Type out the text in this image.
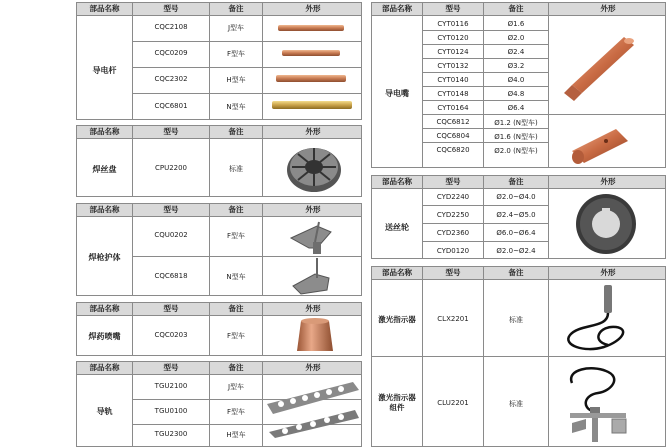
部品名称	型号	备注	外形
导电杆
CQC2108	J型车
CQC0209	F型车
CQC2302	H型车
CQC6801	N型车
部品名称	型号	备注	外形
焊丝盘	CPU2200	标准
部品名称	型号	备注	外形
焊枪护体
CQU0202	F型车
CQC6818	N型车
部品名称	型号	备注	外形
焊药喷嘴	CQC0203	F型车
部品名称	型号	备注	外形
导轨
TGU2100	J型车
TGU0100	F型车
TGU2300	H型车
部品名称	型号	备注	外形
导电嘴
CYT0116	Ø1.6
CYT0120	Ø2.0
CYT0124	Ø2.4
CYT0132	Ø3.2
CYT0140	Ø4.0
CYT0148	Ø4.8
CYT0164	Ø6.4
CQC6812	Ø1.2 (N型车)
CQC6804	Ø1.6 (N型车)
CQC6820	Ø2.0 (N型车)
部品名称	型号	备注	外形
送丝轮
CYD2240	Ø2.0~Ø4.0
CYD2250	Ø2.4~Ø5.0
CYD2360	Ø6.0~Ø6.4
CYD0120	Ø2.0~Ø2.4
部品名称	型号	备注	外形
激光指示器	CLX2201	标准
激光指示器组件	CLU2201	标准
